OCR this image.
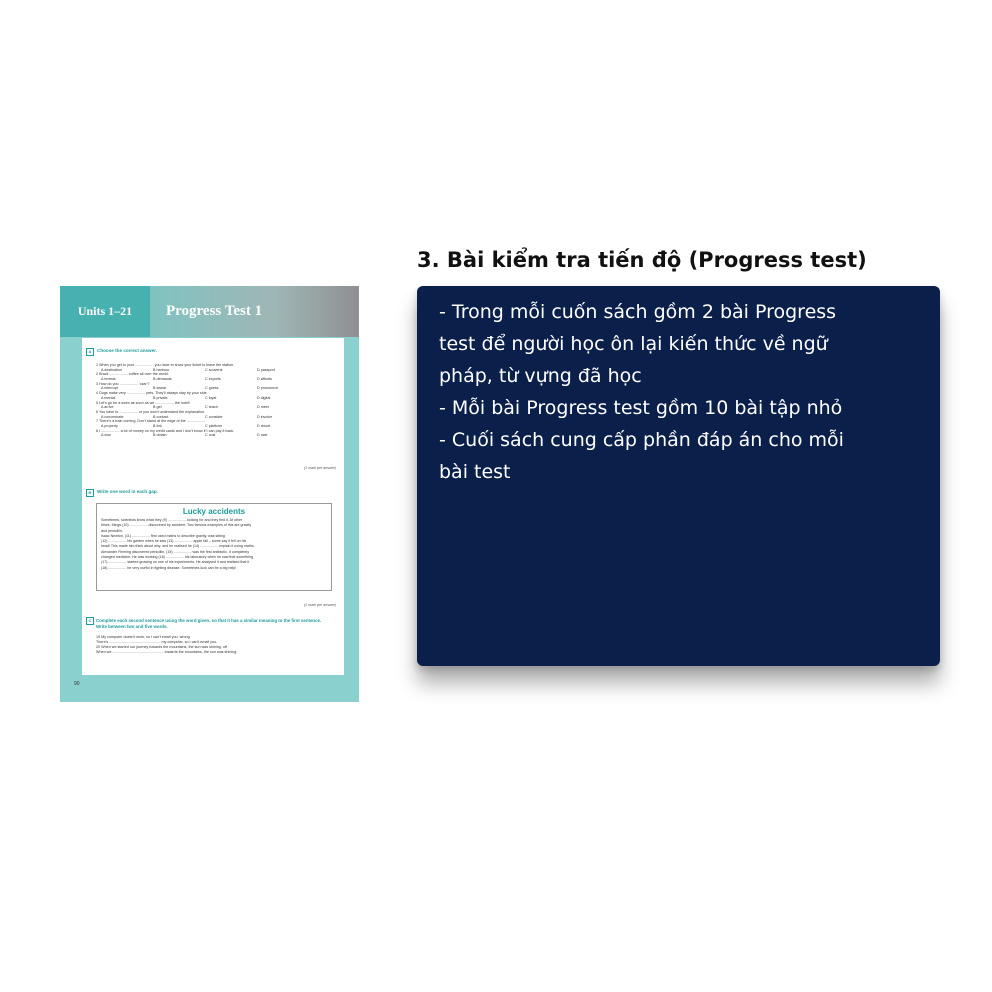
Units 1–21	Progress Test 1
A Choose the correct answer.
1 When you get to your .................. you have to show your ticket to leave the station.
A destination	B harbour	C souvenir	D passport
2 Brazil .................. coffee all over the world.
A invests	B demands	C exports	D affords
3 How do you .................. 'czar'?
A interrupt	B swear	C guess	D pronounce
4 Dogs make very .................. pets. They'll always stay by your side.
A mental	B private	C loyal	D digital
5 Let's go for a swim as soon as we .................. the hotel!
A arrive	B get	C reach	D meet
6 You have to .................. or you won't understand the explanation.
A concentrate	B contact	C consider	D involve
7 There's a train coming. Don't stand at the edge of the ..................
A property	B link	C platform	D resort
8 I .................. a lot of money on my credit cards and I don't know if I can pay it back.
A own	B obtain	C cost	D owe
(1 mark per answer)
B Write one word in each gap.
Lucky accidents
Sometimes, scientists know what they (9) .................. looking for and they find it. At other
times, things (10) .................. discovered by accident. Two famous examples of this are gravity
and penicillin.
Isaac Newton, (11) .................. first used maths to describe gravity, was sitting
(12) .................. his garden when he saw (13) .................. apple fall – some say it fell on his
head! This made him think about why, and he realised he (14) .................. explain it using maths.
Alexander Fleming discovered penicillin, (15) .................. was the first antibiotic. It completely
changed medicine. He was working (16) .................. his laboratory when he saw that something
(17) .................. started growing on one of his experiments. He analysed it and realised that it
(18) .................. be very useful in fighting disease. Sometimes luck can be a big help!
(1 mark per answer)
C	Complete each second sentence using the word given, so that it has a similar meaning to the first sentence. Write between two and five words.
19 My computer doesn't work, so I can't email you. wrong
There's .................................................. my computer, so I can't email you.
20 When we started our journey towards the mountains, the sun was shining. off
When we .................................................. towards the mountains, the sun was shining.
90
3. Bài kiểm tra tiến độ (Progress test)
- Trong mỗi cuốn sách gồm 2 bài Progress
test để người học ôn lại kiến thức về ngữ
pháp, từ vựng đã học
- Mỗi bài Progress test gồm 10 bài tập nhỏ
- Cuối sách cung cấp phần đáp án cho mỗi
bài test
